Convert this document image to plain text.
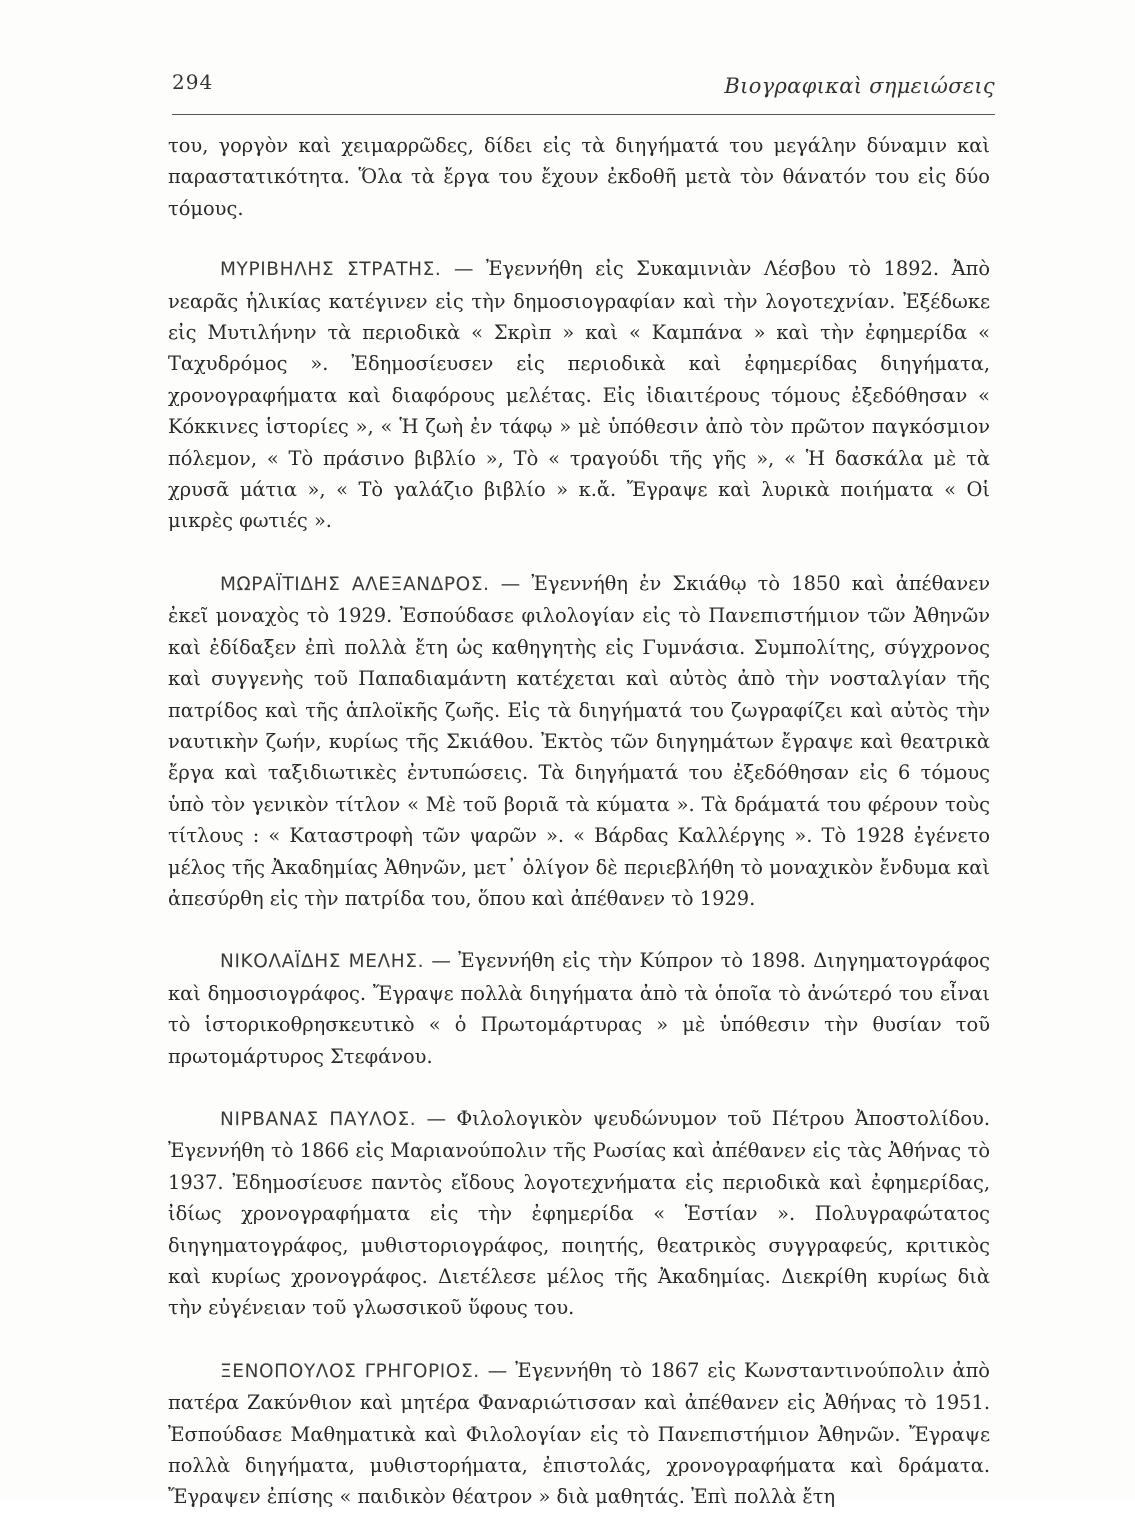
294	Βιογραφικαὶ σημειώσεις

του, γοργὸν καὶ χειμαρρῶδες, δίδει εἰς τὰ διηγήματά του μεγάλην δύναμιν καὶ παραστατικότητα. Ὅλα τὰ ἔργα του ἔχουν ἐκδοθῆ μετὰ τὸν θάνατόν του εἰς δύο τόμους.

ΜΥΡΙΒΗΛΗΣ ΣΤΡΑΤΗΣ. — Ἐγεννήθη εἰς Συκαμινιὰν Λέσβου τὸ 1892. Ἀπὸ νεαρᾶς ἡλικίας κατέγινεν εἰς τὴν δημοσιογραφίαν καὶ τὴν λογοτεχνίαν. Ἐξέδωκε εἰς Μυτιλήνην τὰ περιοδικὰ « Σκρὶπ » καὶ « Καμπάνα » καὶ τὴν ἐφημερίδα « Ταχυδρόμος ». Ἐδημοσίευσεν εἰς περιοδικὰ καὶ ἐφημερίδας διηγήματα, χρονογραφήματα καὶ διαφόρους μελέτας. Εἰς ἰδιαιτέρους τόμους ἐξεδόθησαν « Κόκκινες ἱστορίες », « Ἡ ζωὴ ἐν τάφῳ » μὲ ὑπόθεσιν ἀπὸ τὸν πρῶτον παγκόσμιον πόλεμον, « Τὸ πράσινο βιβλίο », Τὸ « τραγούδι τῆς γῆς », « Ἡ δασκάλα μὲ τὰ χρυσᾶ μάτια », « Τὸ γαλάζιο βιβλίο » κ.ἄ. Ἔγραψε καὶ λυρικὰ ποιήματα « Οἱ μικρὲς φωτιές ».

ΜΩΡΑΪΤΙΔΗΣ ΑΛΕΞΑΝΔΡΟΣ. — Ἐγεννήθη ἐν Σκιάθῳ τὸ 1850 καὶ ἀπέθανεν ἐκεῖ μοναχὸς τὸ 1929. Ἐσπούδασε φιλολογίαν εἰς τὸ Πανεπιστήμιον τῶν Ἀθηνῶν καὶ ἐδίδαξεν ἐπὶ πολλὰ ἔτη ὡς καθηγητὴς εἰς Γυμνάσια. Συμπολίτης, σύγχρονος καὶ συγγενὴς τοῦ Παπαδιαμάντη κατέχεται καὶ αὐτὸς ἀπὸ τὴν νοσταλγίαν τῆς πατρίδος καὶ τῆς ἁπλοϊκῆς ζωῆς. Εἰς τὰ διηγήματά του ζωγραφίζει καὶ αὐτὸς τὴν ναυτικὴν ζωήν, κυρίως τῆς Σκιάθου. Ἐκτὸς τῶν διηγημάτων ἔγραψε καὶ θεατρικὰ ἔργα καὶ ταξιδιωτικὲς ἐντυπώσεις. Τὰ διηγήματά του ἐξεδόθησαν εἰς 6 τόμους ὑπὸ τὸν γενικὸν τίτλον « Μὲ τοῦ βοριᾶ τὰ κύματα ». Τὰ δράματά του φέρουν τοὺς τίτλους : « Καταστροφὴ τῶν ψαρῶν ». « Βάρδας Καλλέργης ». Τὸ 1928 ἐγένετο μέλος τῆς Ἀκαδημίας Ἀθηνῶν, μετ᾽ ὀλίγον δὲ περιεβλήθη τὸ μοναχικὸν ἔνδυμα καὶ ἀπεσύρθη εἰς τὴν πατρίδα του, ὅπου καὶ ἀπέθανεν τὸ 1929.

ΝΙΚΟΛΑΪΔΗΣ ΜΕΛΗΣ. — Ἐγεννήθη εἰς τὴν Κύπρον τὸ 1898. Διηγηματογράφος καὶ δημοσιογράφος. Ἔγραψε πολλὰ διηγήματα ἀπὸ τὰ ὁποῖα τὸ ἀνώτερό του εἶναι τὸ ἱστορικοθρησκευτικὸ « ὁ Πρωτομάρτυρας » μὲ ὑπόθεσιν τὴν θυσίαν τοῦ πρωτομάρτυρος Στεφάνου.

ΝΙΡΒΑΝΑΣ ΠΑΥΛΟΣ. — Φιλολογικὸν ψευδώνυμον τοῦ Πέτρου Ἀποστολίδου. Ἐγεννήθη τὸ 1866 εἰς Μαριανούπολιν τῆς Ρωσίας καὶ ἀπέθανεν εἰς τὰς Ἀθήνας τὸ 1937. Ἐδημοσίευσε παντὸς εἴδους λογοτεχνήματα εἰς περιοδικὰ καὶ ἐφημερίδας, ἰδίως χρονογραφήματα εἰς τὴν ἐφημερίδα « Ἑστίαν ». Πολυγραφώτατος διηγηματογράφος, μυθιστοριογράφος, ποιητής, θεατρικὸς συγγραφεύς, κριτικὸς καὶ κυρίως χρονογράφος. Διετέλεσε μέλος τῆς Ἀκαδημίας. Διεκρίθη κυρίως διὰ τὴν εὐγένειαν τοῦ γλωσσικοῦ ὕφους του.

ΞΕΝΟΠΟΥΛΟΣ ΓΡΗΓΟΡΙΟΣ. — Ἐγεννήθη τὸ 1867 εἰς Κωνσταντινούπολιν ἀπὸ πατέρα Ζακύνθιον καὶ μητέρα Φαναριώτισσαν καὶ ἀπέθανεν εἰς Ἀθήνας τὸ 1951. Ἐσπούδασε Μαθηματικὰ καὶ Φιλολογίαν εἰς τὸ Πανεπιστήμιον Ἀθηνῶν. Ἔγραψε πολλὰ διηγήματα, μυθιστορήματα, ἐπιστολάς, χρονογραφήματα καὶ δράματα. Ἔγραψεν ἐπίσης « παιδικὸν θέατρον » διὰ μαθητάς. Ἐπὶ πολλὰ ἔτη
